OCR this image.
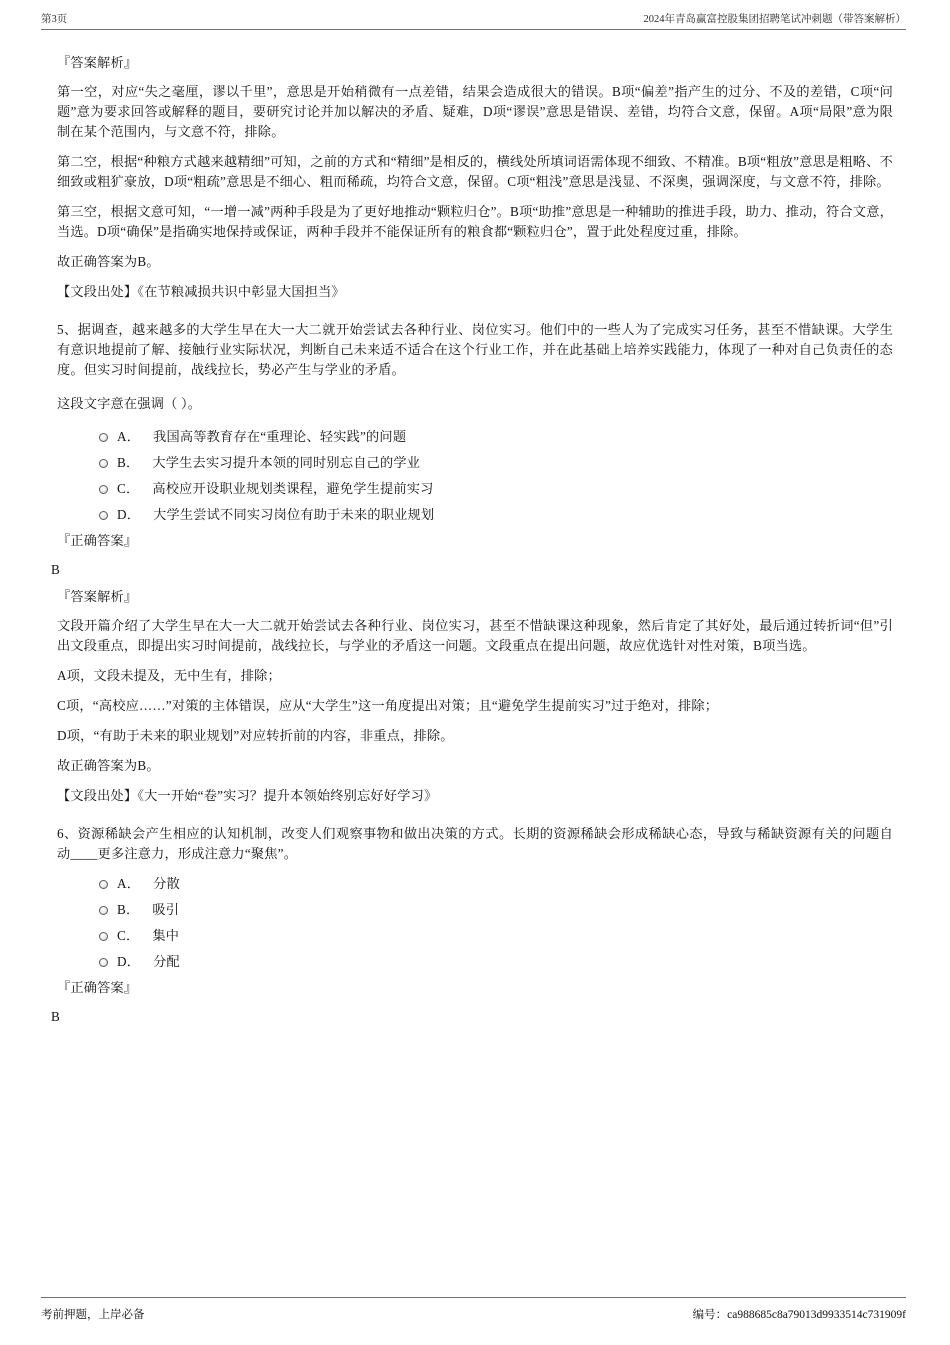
第3页	2024年青岛赢富控股集团招聘笔试冲刺题（带答案解析）

『答案解析』

第一空，对应“失之毫厘，谬以千里”，意思是开始稍微有一点差错，结果会造成很大的错误。B项“偏差”指产生的过分、不及的差错，C项“问题”意为要求回答或解释的题目，要研究讨论并加以解决的矛盾、疑难，D项“谬误”意思是错误、差错，均符合文意，保留。A项“局限”意为限制在某个范围内，与文意不符，排除。

第二空，根据“种粮方式越来越精细”可知，之前的方式和“精细”是相反的，横线处所填词语需体现不细致、不精准。B项“粗放”意思是粗略、不细致或粗犷豪放，D项“粗疏”意思是不细心、粗而稀疏，均符合文意，保留。C项“粗浅”意思是浅显、不深奥，强调深度，与文意不符，排除。

第三空，根据文意可知，“一增一减”两种手段是为了更好地推动“颗粒归仓”。B项“助推”意思是一种辅助的推进手段，助力、推动，符合文意，当选。D项“确保”是指确实地保持或保证，两种手段并不能保证所有的粮食都“颗粒归仓”，置于此处程度过重，排除。

故正确答案为B。

【文段出处】《在节粮减损共识中彰显大国担当》

5、据调查，越来越多的大学生早在大一大二就开始尝试去各种行业、岗位实习。他们中的一些人为了完成实习任务，甚至不惜缺课。大学生有意识地提前了解、接触行业实际状况，判断自己未来适不适合在这个行业工作，并在此基础上培养实践能力，体现了一种对自己负责任的态度。但实习时间提前，战线拉长，势必产生与学业的矛盾。

这段文字意在强调（ ）。

A． 我国高等教育存在“重理论、轻实践”的问题
B． 大学生去实习提升本领的同时别忘自己的学业
C． 高校应开设职业规划类课程，避免学生提前实习
D． 大学生尝试不同实习岗位有助于未来的职业规划

『正确答案』

B

『答案解析』

文段开篇介绍了大学生早在大一大二就开始尝试去各种行业、岗位实习，甚至不惜缺课这种现象，然后肯定了其好处，最后通过转折词“但”引出文段重点，即提出实习时间提前，战线拉长，与学业的矛盾这一问题。文段重点在提出问题，故应优选针对性对策，B项当选。

A项，文段未提及，无中生有，排除；

C项，“高校应……”对策的主体错误，应从“大学生”这一角度提出对策；且“避免学生提前实习”过于绝对，排除；

D项，“有助于未来的职业规划”对应转折前的内容，非重点，排除。

故正确答案为B。

【文段出处】《大一开始“卷”实习？提升本领始终别忘好好学习》

6、资源稀缺会产生相应的认知机制，改变人们观察事物和做出决策的方式。长期的资源稀缺会形成稀缺心态，导致与稀缺资源有关的问题自动____更多注意力，形成注意力“聚焦”。

A． 分散
B． 吸引
C． 集中
D． 分配

『正确答案』

B

考前押题，上岸必备	编号：ca988685c8a79013d9933514c731909f
